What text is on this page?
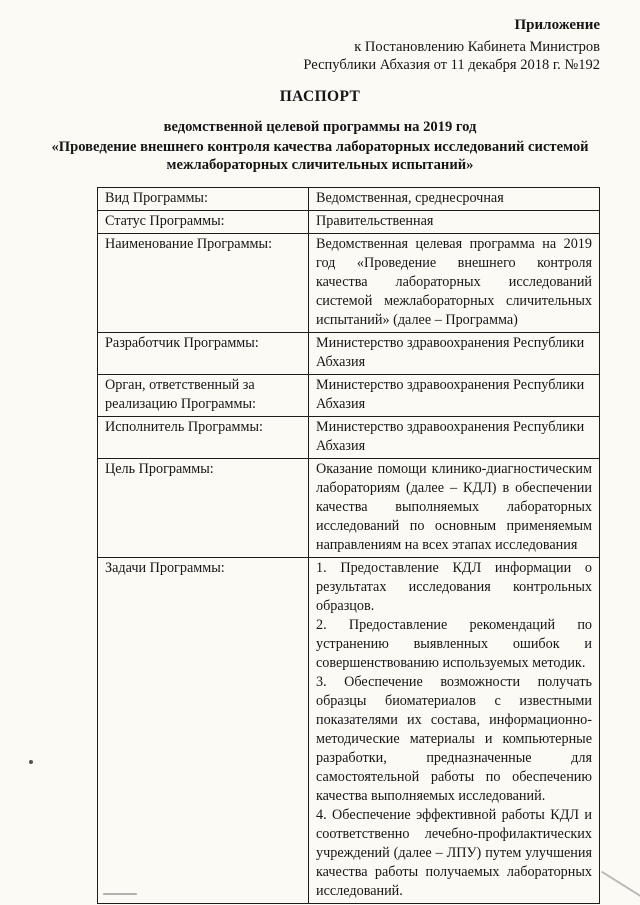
Приложение
к Постановлению Кабинета Министров
Республики Абхазия от 11 декабря 2018 г. №192
ПАСПОРТ
ведомственной целевой программы на 2019 год
«Проведение внешнего контроля качества лабораторных исследований системой межлабораторных сличительных испытаний»
Вид Программы:	Ведомственная, среднесрочная
Статус Программы:	Правительственная
Наименование Программы:	Ведомственная целевая программа на 2019 год «Проведение внешнего контроля качества лабораторных исследований системой межлабораторных сличительных испытаний» (далее – Программа)
Разработчик Программы:	Министерство здравоохранения Республики Абхазия
Орган, ответственный за реализацию Программы:	Министерство здравоохранения Республики Абхазия
Исполнитель Программы:	Министерство здравоохранения Республики Абхазия
Цель Программы:	Оказание помощи клинико-диагностическим лабораториям (далее – КДЛ) в обеспечении качества выполняемых лабораторных исследований по основным применяемым направлениям на всех этапах исследования
Задачи Программы:	1. Предоставление КДЛ информации о результатах исследования контрольных образцов.

2. Предоставление рекомендаций по устранению выявленных ошибок и совершенствованию используемых методик.

3. Обеспечение возможности получать образцы биоматериалов с известными показателями их состава, информационно-методические материалы и компьютерные разработки, предназначенные для самостоятельной работы по обеспечению качества выполняемых исследований.

4. Обеспечение эффективной работы КДЛ и соответственно лечебно-профилактических учреждений (далее – ЛПУ) путем улучшения качества работы получаемых лабораторных исследований.
